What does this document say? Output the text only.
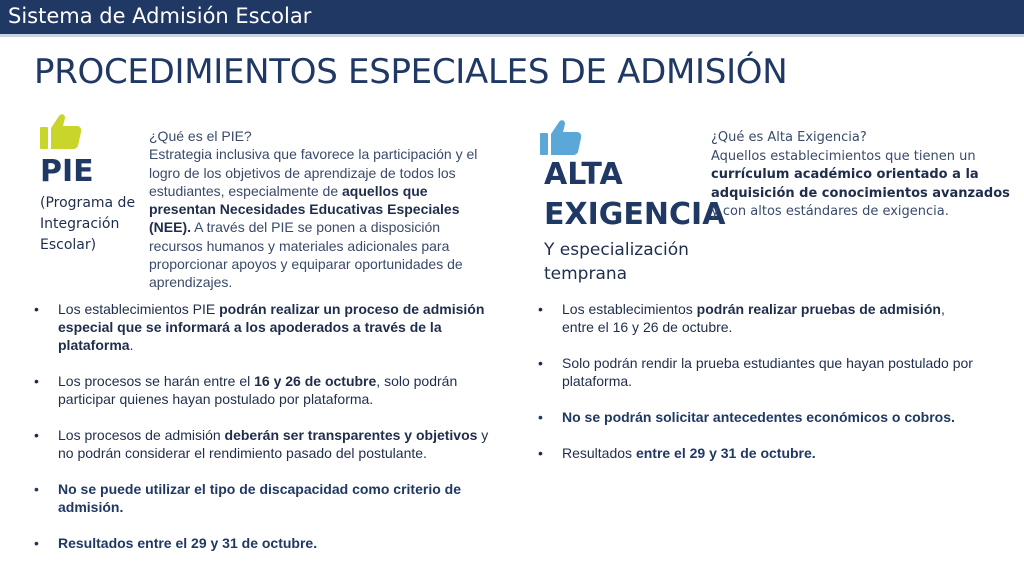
Sistema de Admisión Escolar
PROCEDIMIENTOS ESPECIALES DE ADMISIÓN
PIE
(Programa de Integración Escolar)
¿Qué es el PIE?
Estrategia inclusiva que favorece la participación y el logro de los objetivos de aprendizaje de todos los estudiantes, especialmente de aquellos que presentan Necesidades Educativas Especiales (NEE). A través del PIE se ponen a disposición recursos humanos y materiales adicionales para proporcionar apoyos y equiparar oportunidades de aprendizajes.
• Los establecimientos PIE podrán realizar un proceso de admisión especial que se informará a los apoderados a través de la plataforma.
• Los procesos se harán entre el 16 y 26 de octubre, solo podrán participar quienes hayan postulado por plataforma.
• Los procesos de admisión deberán ser transparentes y objetivos y no podrán considerar el rendimiento pasado del postulante.
• No se puede utilizar el tipo de discapacidad como criterio de admisión.
• Resultados entre el 29 y 31 de octubre.
ALTA
EXIGENCIA
Y especialización temprana
¿Qué es Alta Exigencia?
Aquellos establecimientos que tienen un currículum académico orientado a la adquisición de conocimientos avanzados y con altos estándares de exigencia.
• Los establecimientos podrán realizar pruebas de admisión, entre el 16 y 26 de octubre.
• Solo podrán rendir la prueba estudiantes que hayan postulado por plataforma.
• No se podrán solicitar antecedentes económicos o cobros.
• Resultados entre el 29 y 31 de octubre.
